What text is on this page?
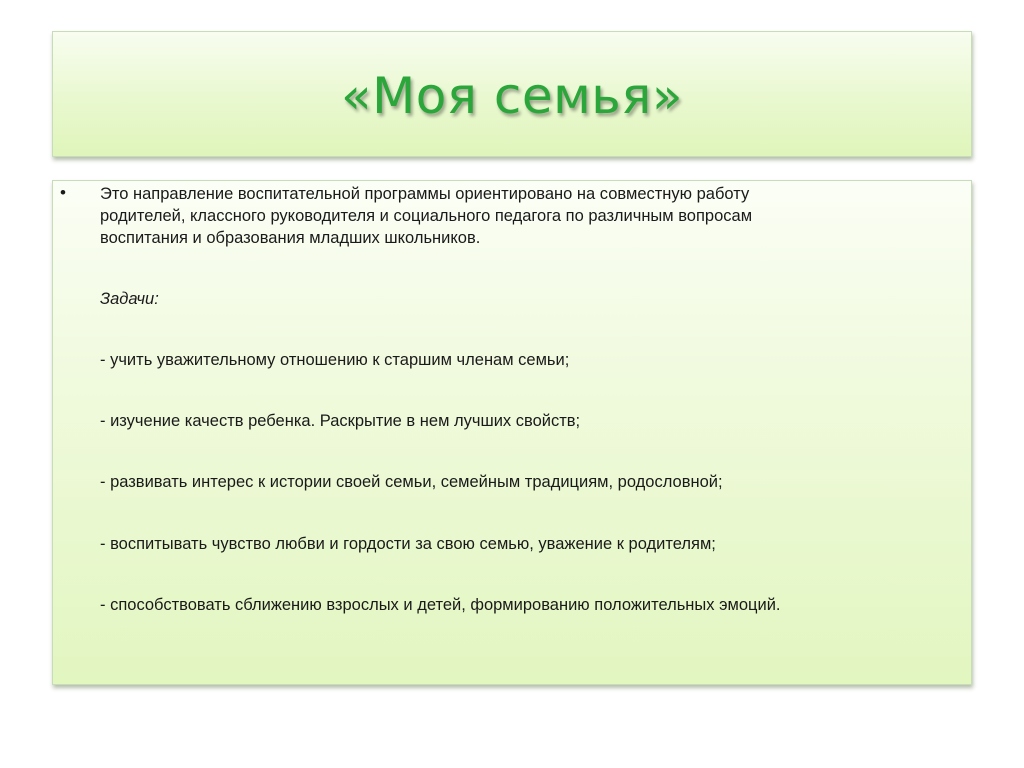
«Моя семья»
• Это направление воспитательной программы ориентировано на совместную работу
родителей, классного руководителя и социального педагога по различным вопросам
воспитания и образования младших школьников.
Задачи:
- учить уважительному отношению к старшим членам семьи;
- изучение качеств ребенка. Раскрытие в нем лучших свойств;
- развивать интерес к истории своей семьи, семейным традициям, родословной;
- воспитывать чувство любви и гордости за свою семью, уважение к родителям;
- способствовать сближению взрослых и детей, формированию положительных эмоций.
